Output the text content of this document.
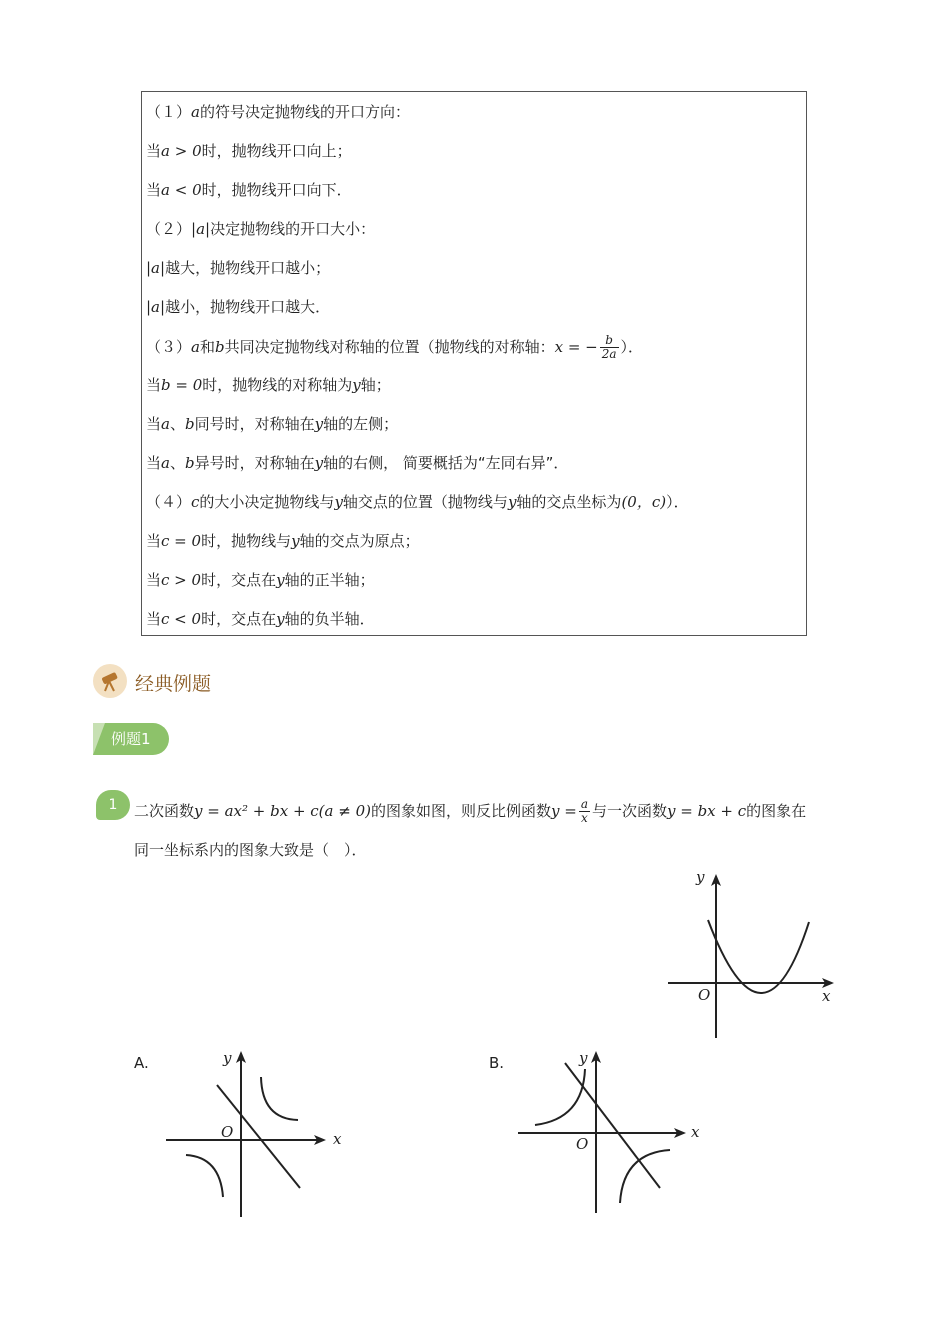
（１）a的符号决定抛物线的开口方向：
当a > 0时，抛物线开口向上；
当a < 0时，抛物线开口向下．
（２）|a|决定抛物线的开口大小：
|a|越大，抛物线开口越小；
|a|越小，抛物线开口越大．
（３）a和b共同决定抛物线对称轴的位置（抛物线的对称轴：x = − $\frac{b}{2a}$ ）．
当b = 0时，抛物线的对称轴为y轴；
当a、b同号时，对称轴在y轴的左侧；
当a、b异号时，对称轴在y轴的右侧， 简要概括为“左同右异”．
（４）c的大小决定抛物线与y轴交点的位置（抛物线与y轴的交点坐标为(0，c)）．
当c = 0时，抛物线与y轴的交点为原点；
当c > 0时，交点在y轴的正半轴；
当c < 0时，交点在y轴的负半轴．
经典例题
例题1
1	二次函数y = ax² + bx + c(a ≠ 0)的图象如图，则反比例函数$y = \frac{a}{x}$ 与一次函数y = bx + c的图象在
同一坐标系内的图象大致是（　）．
y
x
O
A.	y
x
O
B.	y
x
O
